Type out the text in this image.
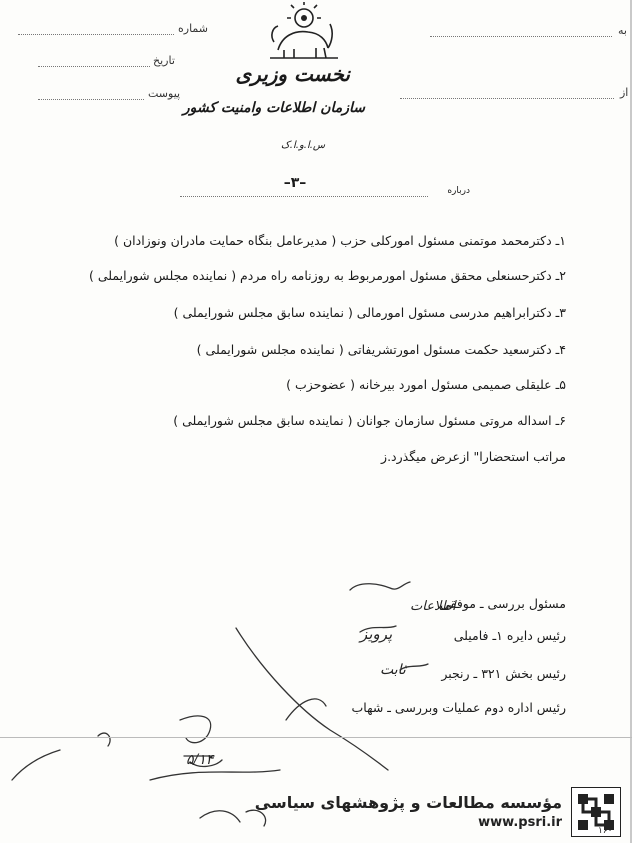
شماره
تاریخ
پیوست
به
از
نخست وزیری
سازمان اطلاعات وامنیت کشور
س.ا.و.ا.ک
–۳–	درباره
۱ـ دکترمحمد موتمنی مسئول اموركلی حزب ( مدیرعامل بنگاه حمایت مادران ونوزادان )
۲ـ دکترحسنعلی محقق مسئول امورمربوط به روزنامه راه مردم ( نماینده مجلس شورایملی )
۳ـ دکترابراهیم مدرسی مسئول امورمالی ( نماینده سابق مجلس شورایملی )
۴ـ دکترسعید حکمت مسئول امورتشریفاتی ( نماینده مجلس شورایملی )
۵ـ علیقلی صمیمی مسئول امورد بیرخانه ( عضوحزب )
۶ـ اسداله مروتی مسئول سازمان جوانان ( نماینده سابق مجلس شورایملی )
مراتب استحضارا" ازعرض میگذرد.ز
مسئول بررسی ـ موفقی
رئیس دایره ۱ـ فامیلی
رئیس بخش ۳۲۱ ـ رنجبر
رئیس اداره دوم عملیات وبررسی ـ شهاب
اطلاعات
پرویز
ثابت
۵/۱۴
مؤسسه مطالعات و پژوهشهای سیاسی
www.psri.ir
۱۶۰
